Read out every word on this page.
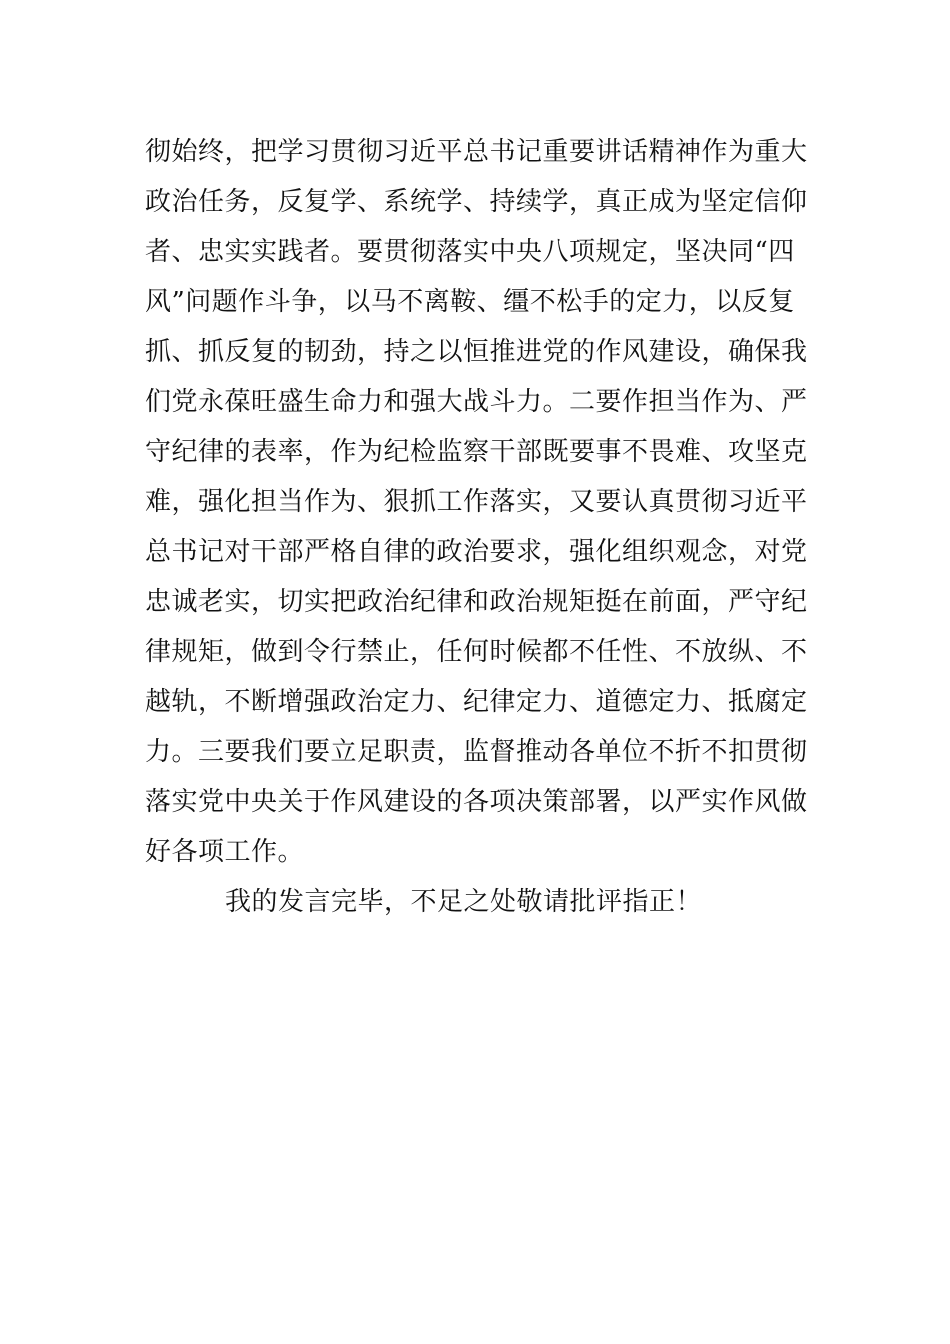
彻始终，把学习贯彻习近平总书记重要讲话精神作为重大
政治任务，反复学、系统学、持续学，真正成为坚定信仰
者、忠实实践者。要贯彻落实中央八项规定，坚决同“四
风”问题作斗争，以马不离鞍、缰不松手的定力，以反复
抓、抓反复的韧劲，持之以恒推进党的作风建设，确保我
们党永葆旺盛生命力和强大战斗力。二要作担当作为、严
守纪律的表率，作为纪检监察干部既要事不畏难、攻坚克
难，强化担当作为、狠抓工作落实，又要认真贯彻习近平
总书记对干部严格自律的政治要求，强化组织观念，对党
忠诚老实，切实把政治纪律和政治规矩挺在前面，严守纪
律规矩，做到令行禁止，任何时候都不任性、不放纵、不
越轨，不断增强政治定力、纪律定力、道德定力、抵腐定
力。三要我们要立足职责，监督推动各单位不折不扣贯彻
落实党中央关于作风建设的各项决策部署，以严实作风做
好各项工作。
我的发言完毕，不足之处敬请批评指正！
